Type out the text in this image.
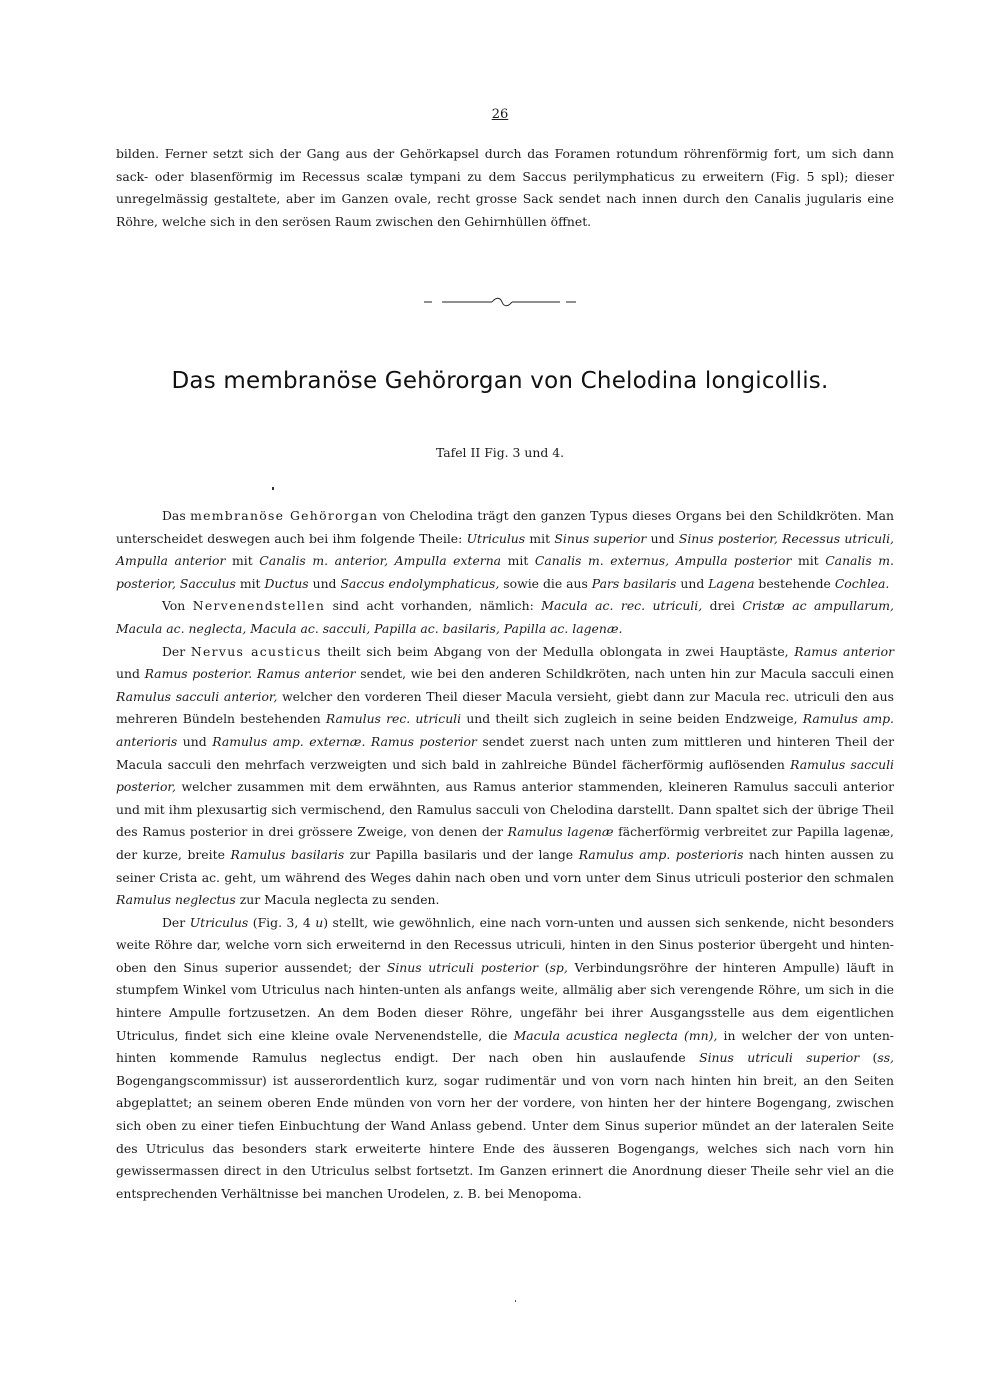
26

bilden. Ferner setzt sich der Gang aus der Gehörkapsel durch das Foramen rotundum röhrenförmig fort, um sich dann sack- oder blasenförmig im Recessus scalæ tympani zu dem Saccus perilymphaticus zu erweitern (Fig. 5 spl); dieser unregelmässig gestaltete, aber im Ganzen ovale, recht grosse Sack sendet nach innen durch den Canalis jugularis eine Röhre, welche sich in den serösen Raum zwischen den Gehirnhüllen öffnet.

Das membranöse Gehörorgan von Chelodina longicollis.
Tafel II Fig. 3 und 4.

Das membranöse Gehörorgan von Chelodina trägt den ganzen Typus dieses Organs bei den Schildkröten. Man unterscheidet deswegen auch bei ihm folgende Theile: Utriculus mit Sinus superior und Sinus posterior, Recessus utriculi, Ampulla anterior mit Canalis m. anterior, Ampulla externa mit Canalis m. externus, Ampulla posterior mit Canalis m. posterior, Sacculus mit Ductus und Saccus endolymphaticus, sowie die aus Pars basilaris und Lagena bestehende Cochlea.

Von Nervenendstellen sind acht vorhanden, nämlich: Macula ac. rec. utriculi, drei Cristæ ac ampullarum, Macula ac. neglecta, Macula ac. sacculi, Papilla ac. basilaris, Papilla ac. lagenæ.

Der Nervus acusticus theilt sich beim Abgang von der Medulla oblongata in zwei Hauptäste, Ramus anterior und Ramus posterior. Ramus anterior sendet, wie bei den anderen Schildkröten, nach unten hin zur Macula sacculi einen Ramulus sacculi anterior, welcher den vorderen Theil dieser Macula versieht, giebt dann zur Macula rec. utriculi den aus mehreren Bündeln bestehenden Ramulus rec. utriculi und theilt sich zugleich in seine beiden Endzweige, Ramulus amp. anterioris und Ramulus amp. externæ. Ramus posterior sendet zuerst nach unten zum mittleren und hinteren Theil der Macula sacculi den mehrfach verzweigten und sich bald in zahlreiche Bündel fächerförmig auflösenden Ramulus sacculi posterior, welcher zusammen mit dem erwähnten, aus Ramus anterior stammenden, kleineren Ramulus sacculi anterior und mit ihm plexusartig sich vermischend, den Ramulus sacculi von Chelodina darstellt. Dann spaltet sich der übrige Theil des Ramus posterior in drei grössere Zweige, von denen der Ramulus lagenæ fächerförmig verbreitet zur Papilla lagenæ, der kurze, breite Ramulus basilaris zur Papilla basilaris und der lange Ramulus amp. posterioris nach hinten aussen zu seiner Crista ac. geht, um während des Weges dahin nach oben und vorn unter dem Sinus utriculi posterior den schmalen Ramulus neglectus zur Macula neglecta zu senden.

Der Utriculus (Fig. 3, 4 u) stellt, wie gewöhnlich, eine nach vorn-unten und aussen sich senkende, nicht besonders weite Röhre dar, welche vorn sich erweiternd in den Recessus utriculi, hinten in den Sinus posterior übergeht und hinten-oben den Sinus superior aussendet; der Sinus utriculi posterior (sp, Verbindungsröhre der hinteren Ampulle) läuft in stumpfem Winkel vom Utriculus nach hinten-unten als anfangs weite, allmälig aber sich verengende Röhre, um sich in die hintere Ampulle fortzusetzen. An dem Boden dieser Röhre, ungefähr bei ihrer Ausgangsstelle aus dem eigentlichen Utriculus, findet sich eine kleine ovale Nervenendstelle, die Macula acustica neglecta (mn), in welcher der von unten-hinten kommende Ramulus neglectus endigt. Der nach oben hin auslaufende Sinus utriculi superior (ss, Bogengangscommissur) ist ausserordentlich kurz, sogar rudimentär und von vorn nach hinten hin breit, an den Seiten abgeplattet; an seinem oberen Ende münden von vorn her der vordere, von hinten her der hintere Bogengang, zwischen sich oben zu einer tiefen Einbuchtung der Wand Anlass gebend. Unter dem Sinus superior mündet an der lateralen Seite des Utriculus das besonders stark erweiterte hintere Ende des äusseren Bogengangs, welches sich nach vorn hin gewissermassen direct in den Utriculus selbst fortsetzt. Im Ganzen erinnert die Anordnung dieser Theile sehr viel an die entsprechenden Verhältnisse bei manchen Urodelen, z. B. bei Menopoma.
